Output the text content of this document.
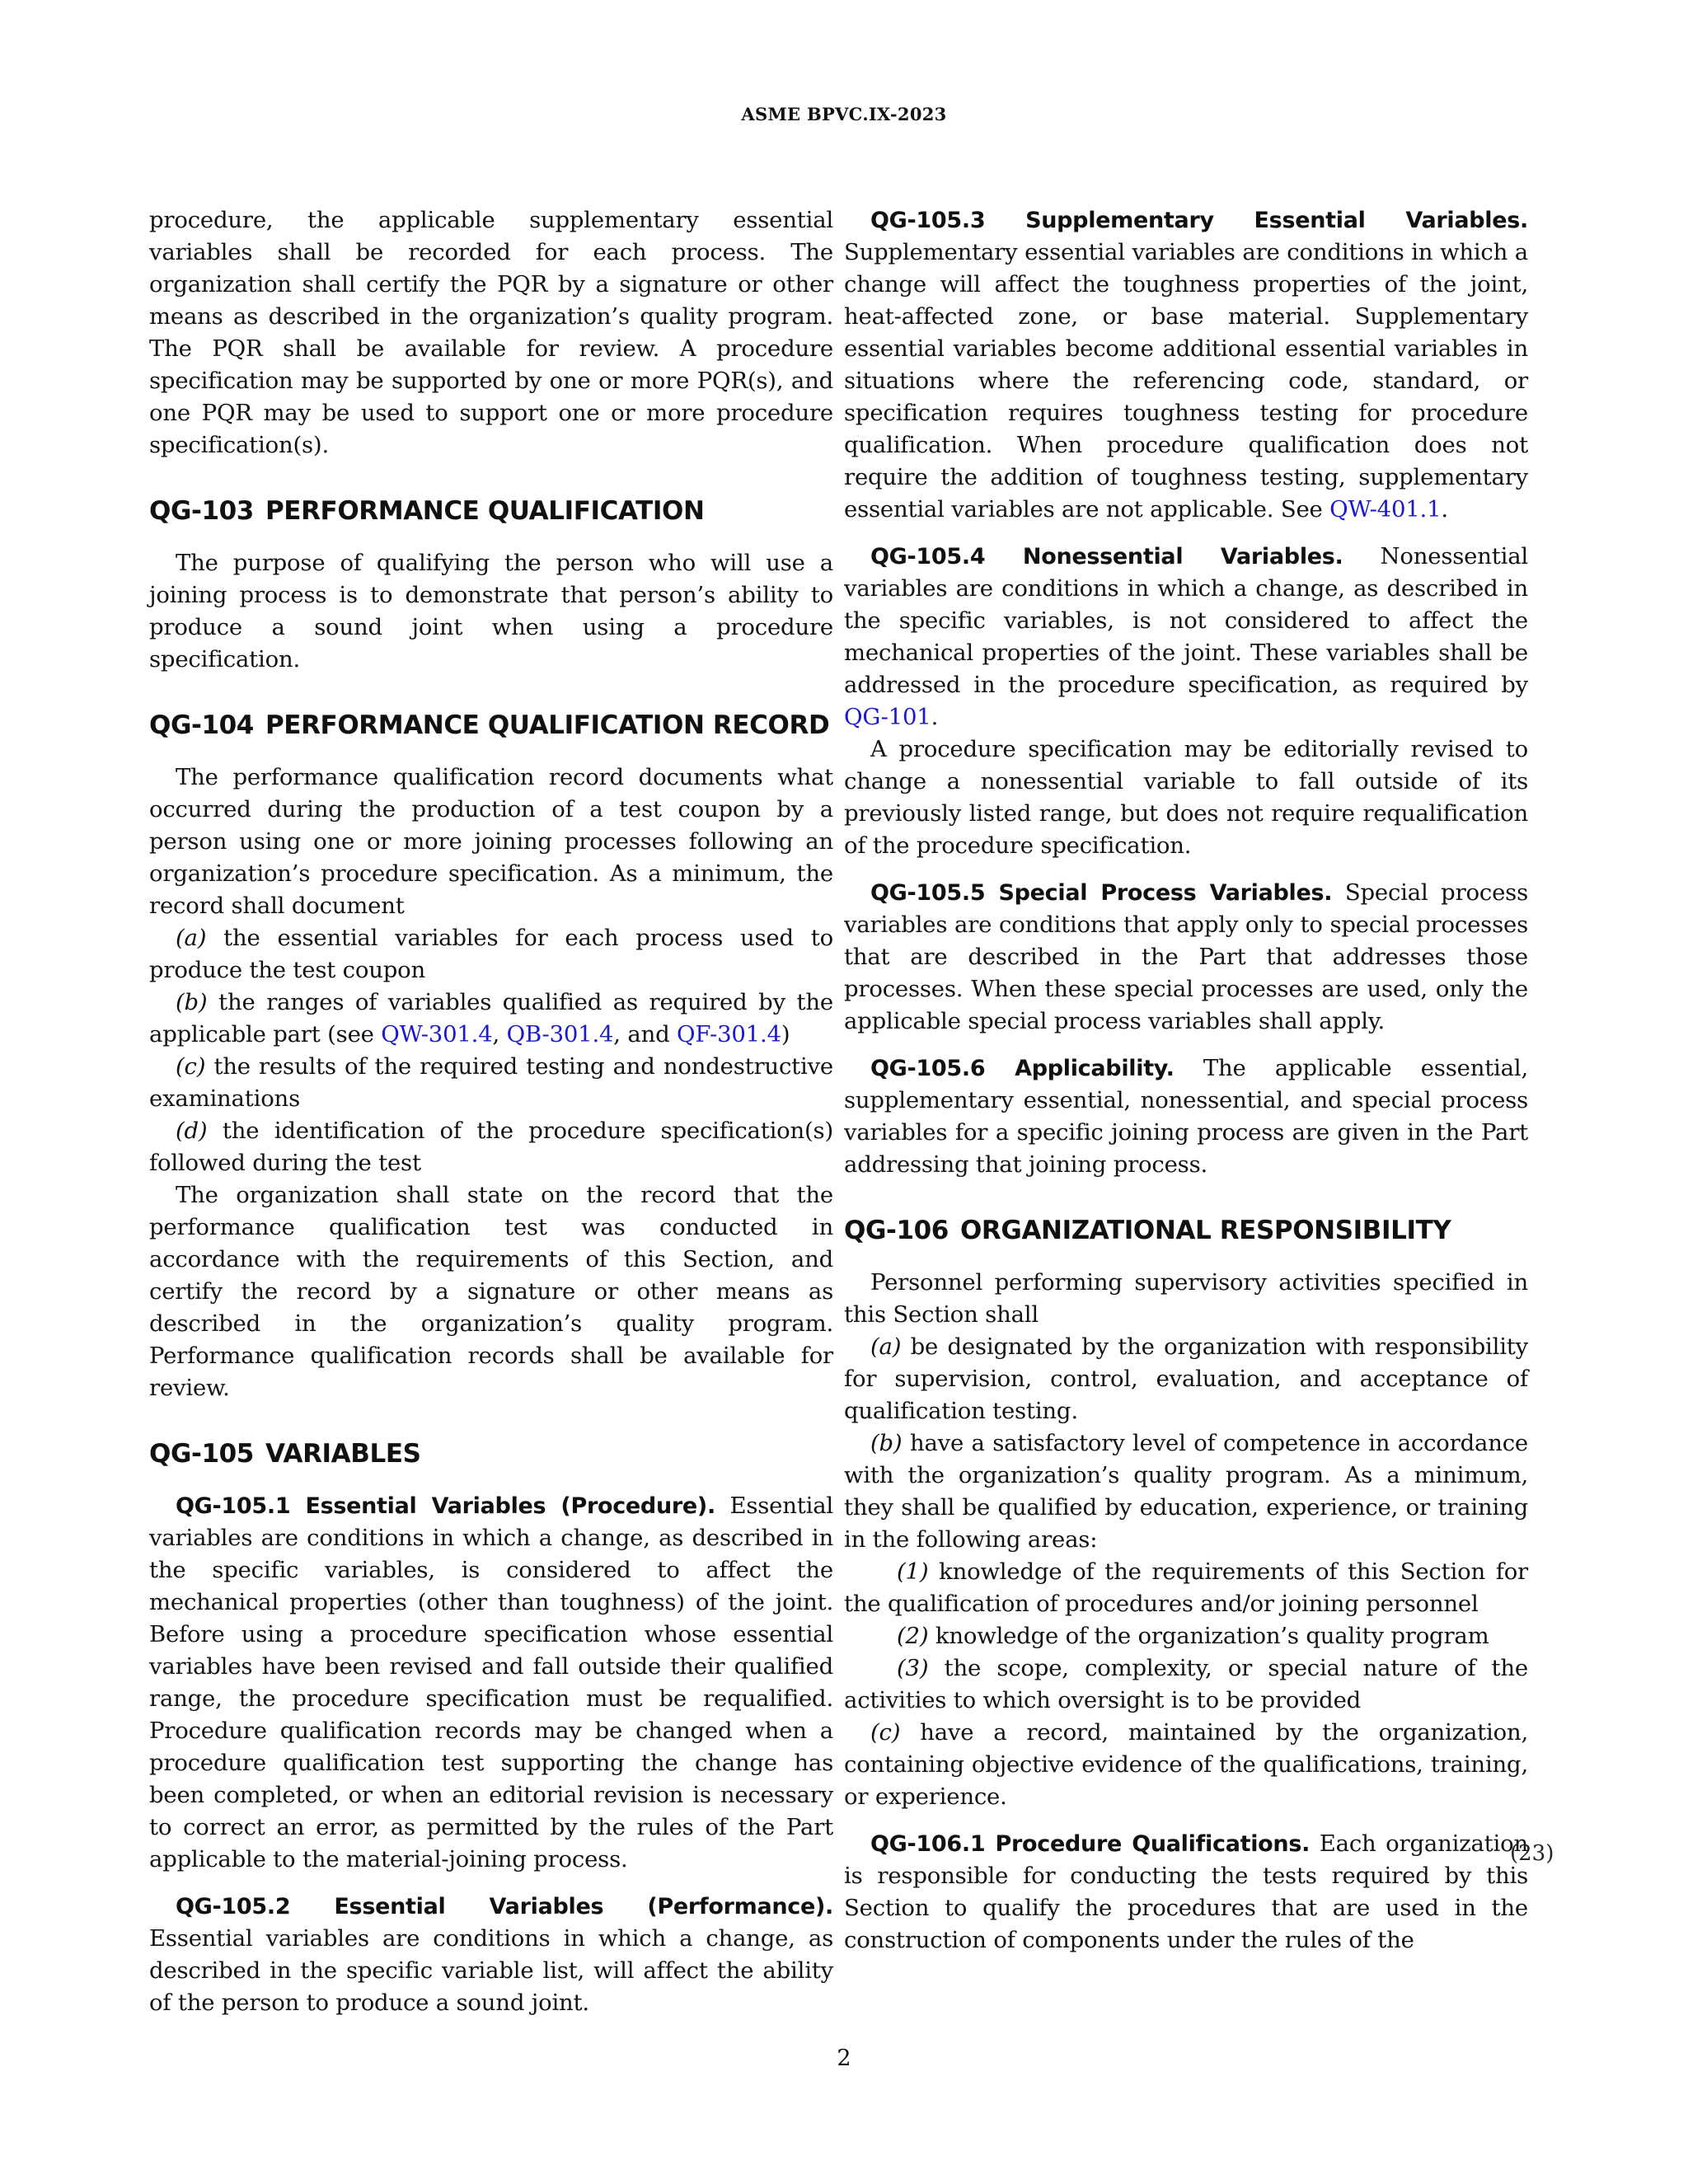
ASME BPVC.IX-2023

procedure, the applicable supplementary essential variables shall be recorded for each process. The organization shall certify the PQR by a signature or other means as described in the organization’s quality program. The PQR shall be available for review. A procedure specification may be supported by one or more PQR(s), and one PQR may be used to support one or more procedure specification(s).

QG-103 PERFORMANCE QUALIFICATION

The purpose of qualifying the person who will use a joining process is to demonstrate that person’s ability to produce a sound joint when using a procedure specification.

QG-104 PERFORMANCE QUALIFICATION RECORD

The performance qualification record documents what occurred during the production of a test coupon by a person using one or more joining processes following an organization’s procedure specification. As a minimum, the record shall document

(a) the essential variables for each process used to produce the test coupon

(b) the ranges of variables qualified as required by the applicable part (see QW-301.4, QB-301.4, and QF-301.4)

(c) the results of the required testing and nondestructive examinations

(d) the identification of the procedure specification(s) followed during the test

The organization shall state on the record that the performance qualification test was conducted in accordance with the requirements of this Section, and certify the record by a signature or other means as described in the organization’s quality program. Performance qualification records shall be available for review.

QG-105 VARIABLES

QG-105.1 Essential Variables (Procedure). Essential variables are conditions in which a change, as described in the specific variables, is considered to affect the mechanical properties (other than toughness) of the joint. Before using a procedure specification whose essential variables have been revised and fall outside their qualified range, the procedure specification must be requalified. Procedure qualification records may be changed when a procedure qualification test supporting the change has been completed, or when an editorial revision is necessary to correct an error, as permitted by the rules of the Part applicable to the material-joining process.

QG-105.2 Essential Variables (Performance). Essential variables are conditions in which a change, as described in the specific variable list, will affect the ability of the person to produce a sound joint.

QG-105.3 Supplementary Essential Variables. Supplementary essential variables are conditions in which a change will affect the toughness properties of the joint, heat-affected zone, or base material. Supplementary essential variables become additional essential variables in situations where the referencing code, standard, or specification requires toughness testing for procedure qualification. When procedure qualification does not require the addition of toughness testing, supplementary essential variables are not applicable. See QW-401.1.

QG-105.4 Nonessential Variables. Nonessential variables are conditions in which a change, as described in the specific variables, is not considered to affect the mechanical properties of the joint. These variables shall be addressed in the procedure specification, as required by QG-101.

A procedure specification may be editorially revised to change a nonessential variable to fall outside of its previously listed range, but does not require requalification of the procedure specification.

QG-105.5 Special Process Variables. Special process variables are conditions that apply only to special processes that are described in the Part that addresses those processes. When these special processes are used, only the applicable special process variables shall apply.

QG-105.6 Applicability. The applicable essential, supplementary essential, nonessential, and special process variables for a specific joining process are given in the Part addressing that joining process.

QG-106 ORGANIZATIONAL RESPONSIBILITY

Personnel performing supervisory activities specified in this Section shall

(a) be designated by the organization with responsibility for supervision, control, evaluation, and acceptance of qualification testing.

(b) have a satisfactory level of competence in accordance with the organization’s quality program. As a minimum, they shall be qualified by education, experience, or training in the following areas:

(1) knowledge of the requirements of this Section for the qualification of procedures and/or joining personnel

(2) knowledge of the organization’s quality program

(3) the scope, complexity, or special nature of the activities to which oversight is to be provided

(c) have a record, maintained by the organization, containing objective evidence of the qualifications, training, or experience.

QG-106.1 Procedure Qualifications. Each organization is responsible for conducting the tests required by this Section to qualify the procedures that are used in the construction of components under the rules of the

(23)
2
